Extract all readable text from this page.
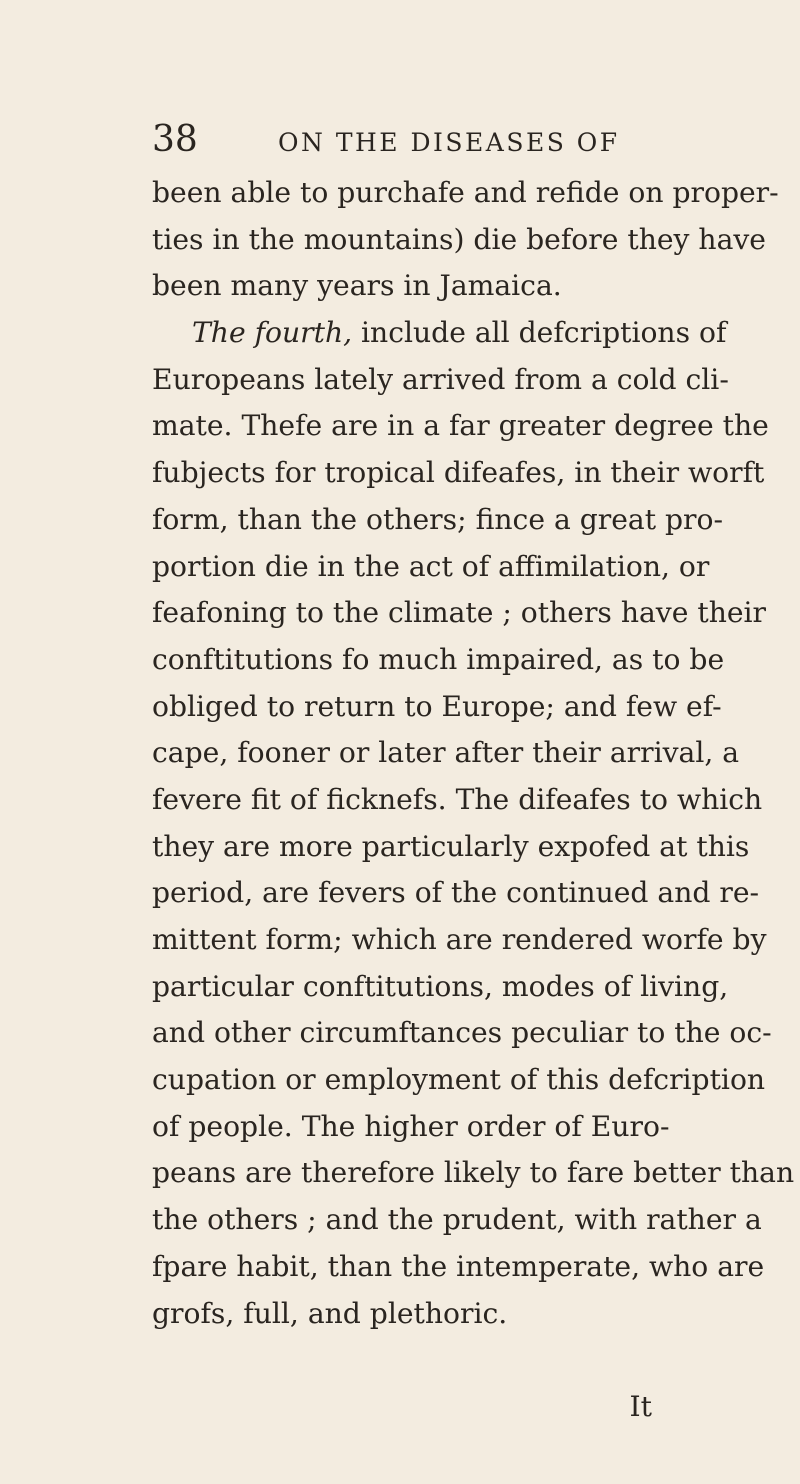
38	ON THE DISEASES OF
been able to purchafe and refide on proper-
ties in the mountains) die before they have
been many years in Jamaica.
The fourth, include all defcriptions of
Europeans lately arrived from a cold cli-
mate. Thefe are in a far greater degree the
fubjects for tropical difeafes, in their worft
form, than the others; fince a great pro-
portion die in the act of affimilation, or
feafoning to the climate ; others have their
conftitutions fo much impaired, as to be
obliged to return to Europe; and few ef-
cape, fooner or later after their arrival, a
fevere fit of ficknefs. The difeafes to which
they are more particularly expofed at this
period, are fevers of the continued and re-
mittent form; which are rendered worfe by
particular conftitutions, modes of living,
and other circumftances peculiar to the oc-
cupation or employment of this defcription
of people. The higher order of Euro-
peans are therefore likely to fare better than
the others ; and the prudent, with rather a
fpare habit, than the intemperate, who are
grofs, full, and plethoric.
It
